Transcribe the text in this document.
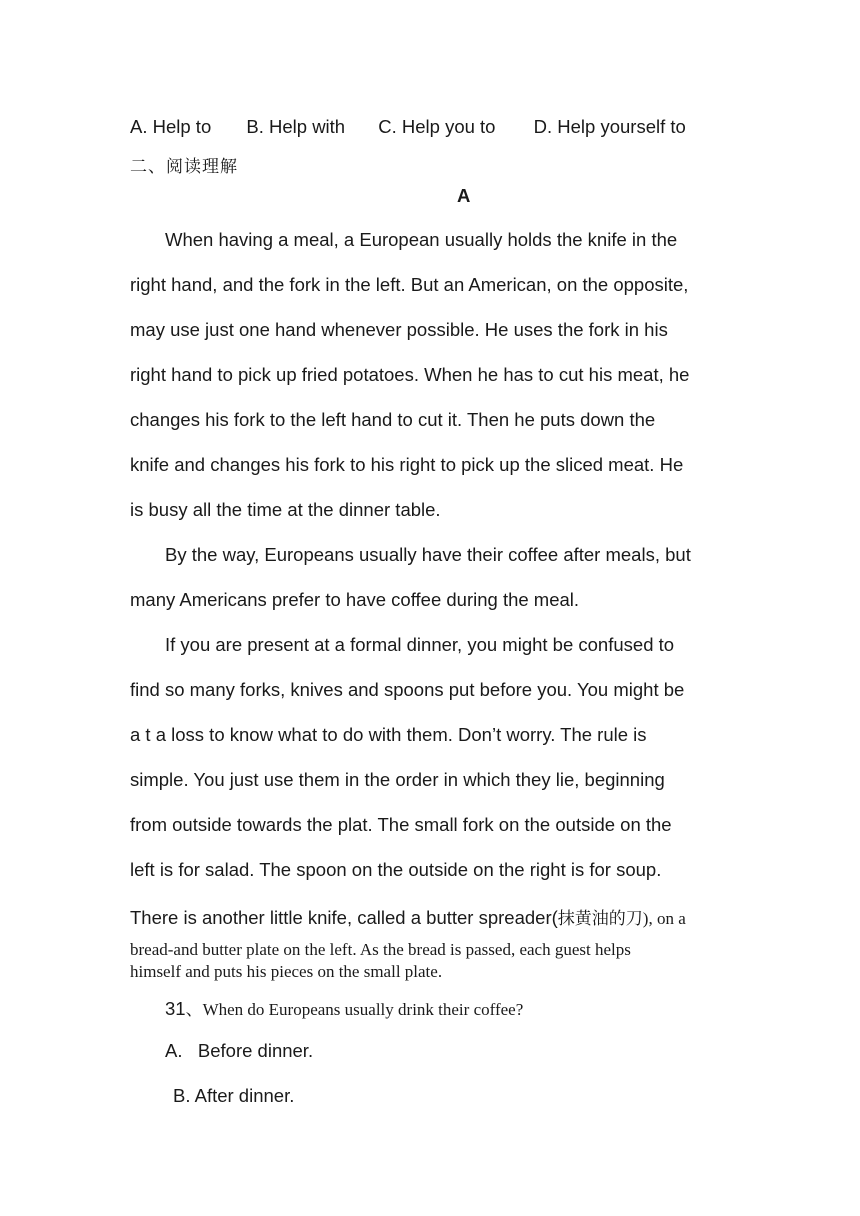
A. Help to B. Help with C. Help you to D. Help yourself to
二、阅读理解
A
When having a meal, a European usually holds the knife in the
right hand, and the fork in the left. But an American, on the opposite,
may use just one hand whenever possible. He uses the fork in his
right hand to pick up fried potatoes. When he has to cut his meat, he
changes his fork to the left hand to cut it. Then he puts down the
knife and changes his fork to his right to pick up the sliced meat. He
is busy all the time at the dinner table.
By the way, Europeans usually have their coffee after meals, but
many Americans prefer to have coffee during the meal.
If you are present at a formal dinner, you might be confused to
find so many forks, knives and spoons put before you. You might be
a t a loss to know what to do with them. Don’t worry. The rule is
simple. You just use them in the order in which they lie, beginning
from outside towards the plat. The small fork on the outside on the
left is for salad. The spoon on the outside on the right is for soup.
There is another little knife, called a butter spreader(抹黄油的刀), on a
bread-and butter plate on the left. As the bread is passed, each guest helps
himself and puts his pieces on the small plate.
31、When do Europeans usually drink their coffee?
A.   Before dinner.
B. After dinner.
